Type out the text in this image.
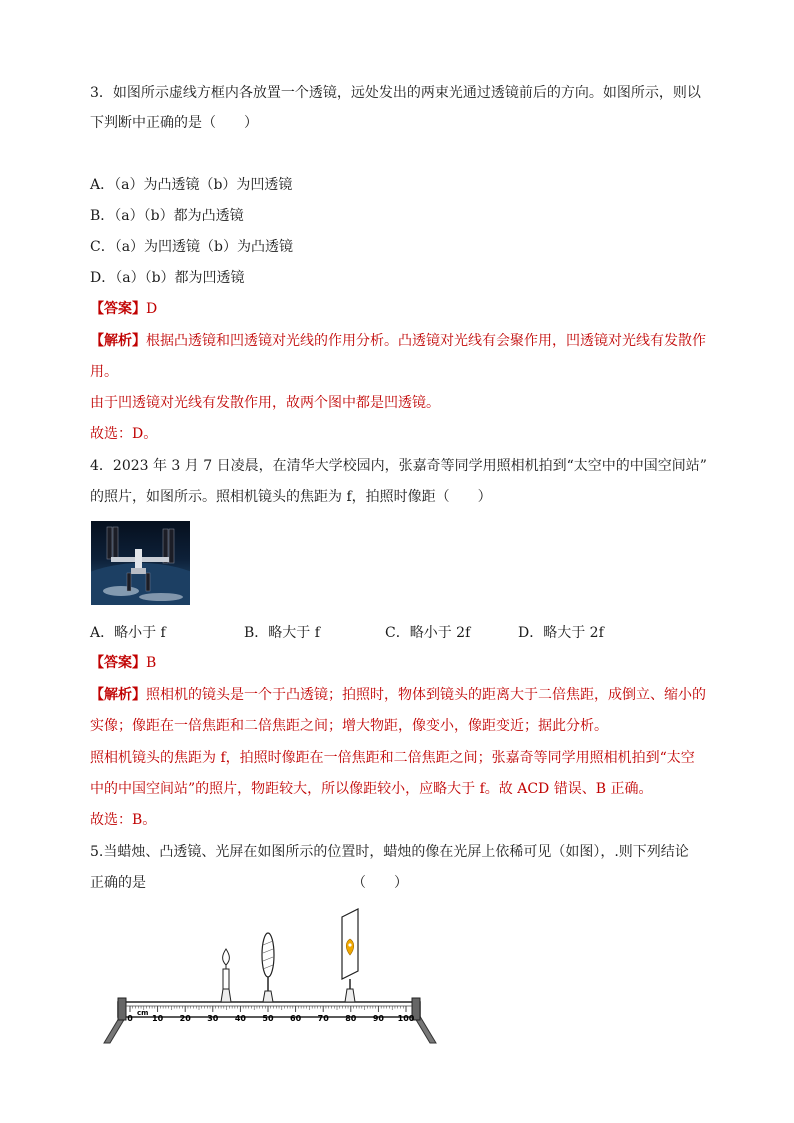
3．如图所示虚线方框内各放置一个透镜，远处发出的两束光通过透镜前后的方向。如图所示，则以
下判断中正确的是（　　）
A．（a）为凸透镜（b）为凹透镜
B．（a）（b）都为凸透镜
C．（a）为凹透镜（b）为凸透镜
D．（a）（b）都为凹透镜
【答案】D
【解析】根据凸透镜和凹透镜对光线的作用分析。凸透镜对光线有会聚作用，凹透镜对光线有发散作
用。
由于凹透镜对光线有发散作用，故两个图中都是凹透镜。
故选：D。
4．2023 年 3 月 7 日凌晨，在清华大学校园内，张嘉奇等同学用照相机拍到“太空中的中国空间站”
的照片，如图所示。照相机镜头的焦距为 f，拍照时像距（　　）
A．略小于 f	B．略大于 f	C．略小于 2f	D．略大于 2f
【答案】B
【解析】照相机的镜头是一个于凸透镜；拍照时，物体到镜头的距离大于二倍焦距，成倒立、缩小的
实像；像距在一倍焦距和二倍焦距之间；增大物距，像变小，像距变近；据此分析。
照相机镜头的焦距为 f，拍照时像距在一倍焦距和二倍焦距之间；张嘉奇等同学用照相机拍到“太空
中的中国空间站”的照片，物距较大，所以像距较小，应略大于 f。故 ACD 错误、B 正确。
故选：B。
5.当蜡烛、凸透镜、光屏在如图所示的位置时，蜡烛的像在光屏上依稀可见（如图），.则下列结论
正确的是	（　　）
0 10 20 30 40 50 60 70 80 90 100
cm
